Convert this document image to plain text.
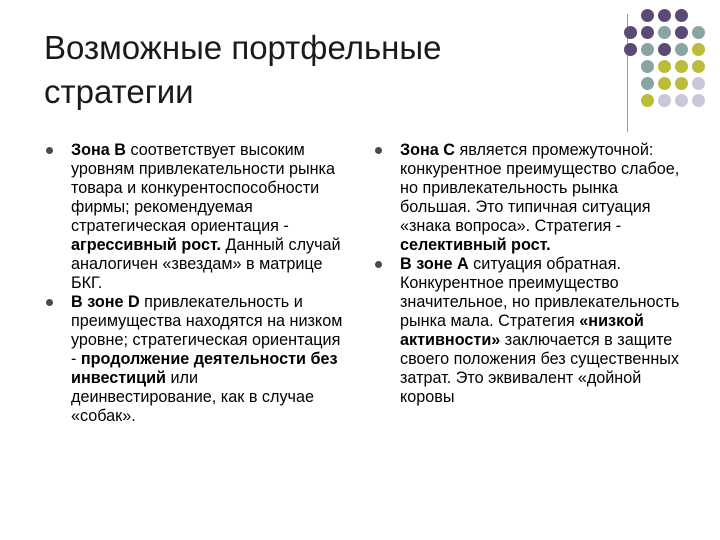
Возможные портфельные
стратегии
Зона В соответствует высоким уровням привлекательности рынка товара и конкурентоспособности фирмы; рекомендуемая стратегическая ориентация - агрессивный рост. Данный случай аналогичен «звездам» в матрице БКГ.
В зоне D привлекательность и преимущества находятся на низком уровне; стратегическая ориентация - продолжение деятельности без инвестиций или деинвестирование, как в случае «собак».
Зона С является промежуточной: конкурентное преимущество слабое, но привлекательность рынка большая. Это типичная ситуация «знака вопроса». Стратегия - селективный рост.
В зоне А ситуация обратная. Конкурентное преимущество значительное, но привлекательность рынка мала. Стратегия «низкой активности» заключается в защите своего положения без существенных затрат. Это эквивалент «дойной коровы
